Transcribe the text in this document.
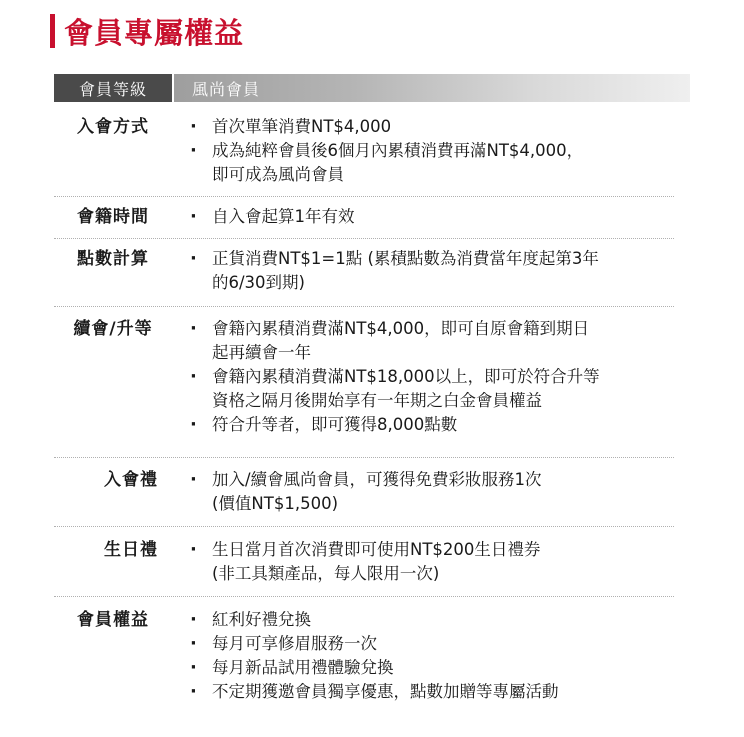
會員專屬權益
會員等級	風尚會員
入會方式	· 首次單筆消費NT$4,000
· 成為純粹會員後6個月內累積消費再滿NT$4,000，
即可成為風尚會員
會籍時間	· 自入會起算1年有效
點數計算	· 正貨消費NT$1=1點 (累積點數為消費當年度起第3年
的6/30到期)
續會/升等	· 會籍內累積消費滿NT$4,000，即可自原會籍到期日
起再續會一年
· 會籍內累積消費滿NT$18,000以上，即可於符合升等
資格之隔月後開始享有一年期之白金會員權益
· 符合升等者，即可獲得8,000點數
入會禮	· 加入/續會風尚會員，可獲得免費彩妝服務1次
(價值NT$1,500)
生日禮	· 生日當月首次消費即可使用NT$200生日禮券
(非工具類產品，每人限用一次)
會員權益	· 紅利好禮兌換
· 每月可享修眉服務一次
· 每月新品試用禮體驗兌換
· 不定期獲邀會員獨享優惠，點數加贈等專屬活動
